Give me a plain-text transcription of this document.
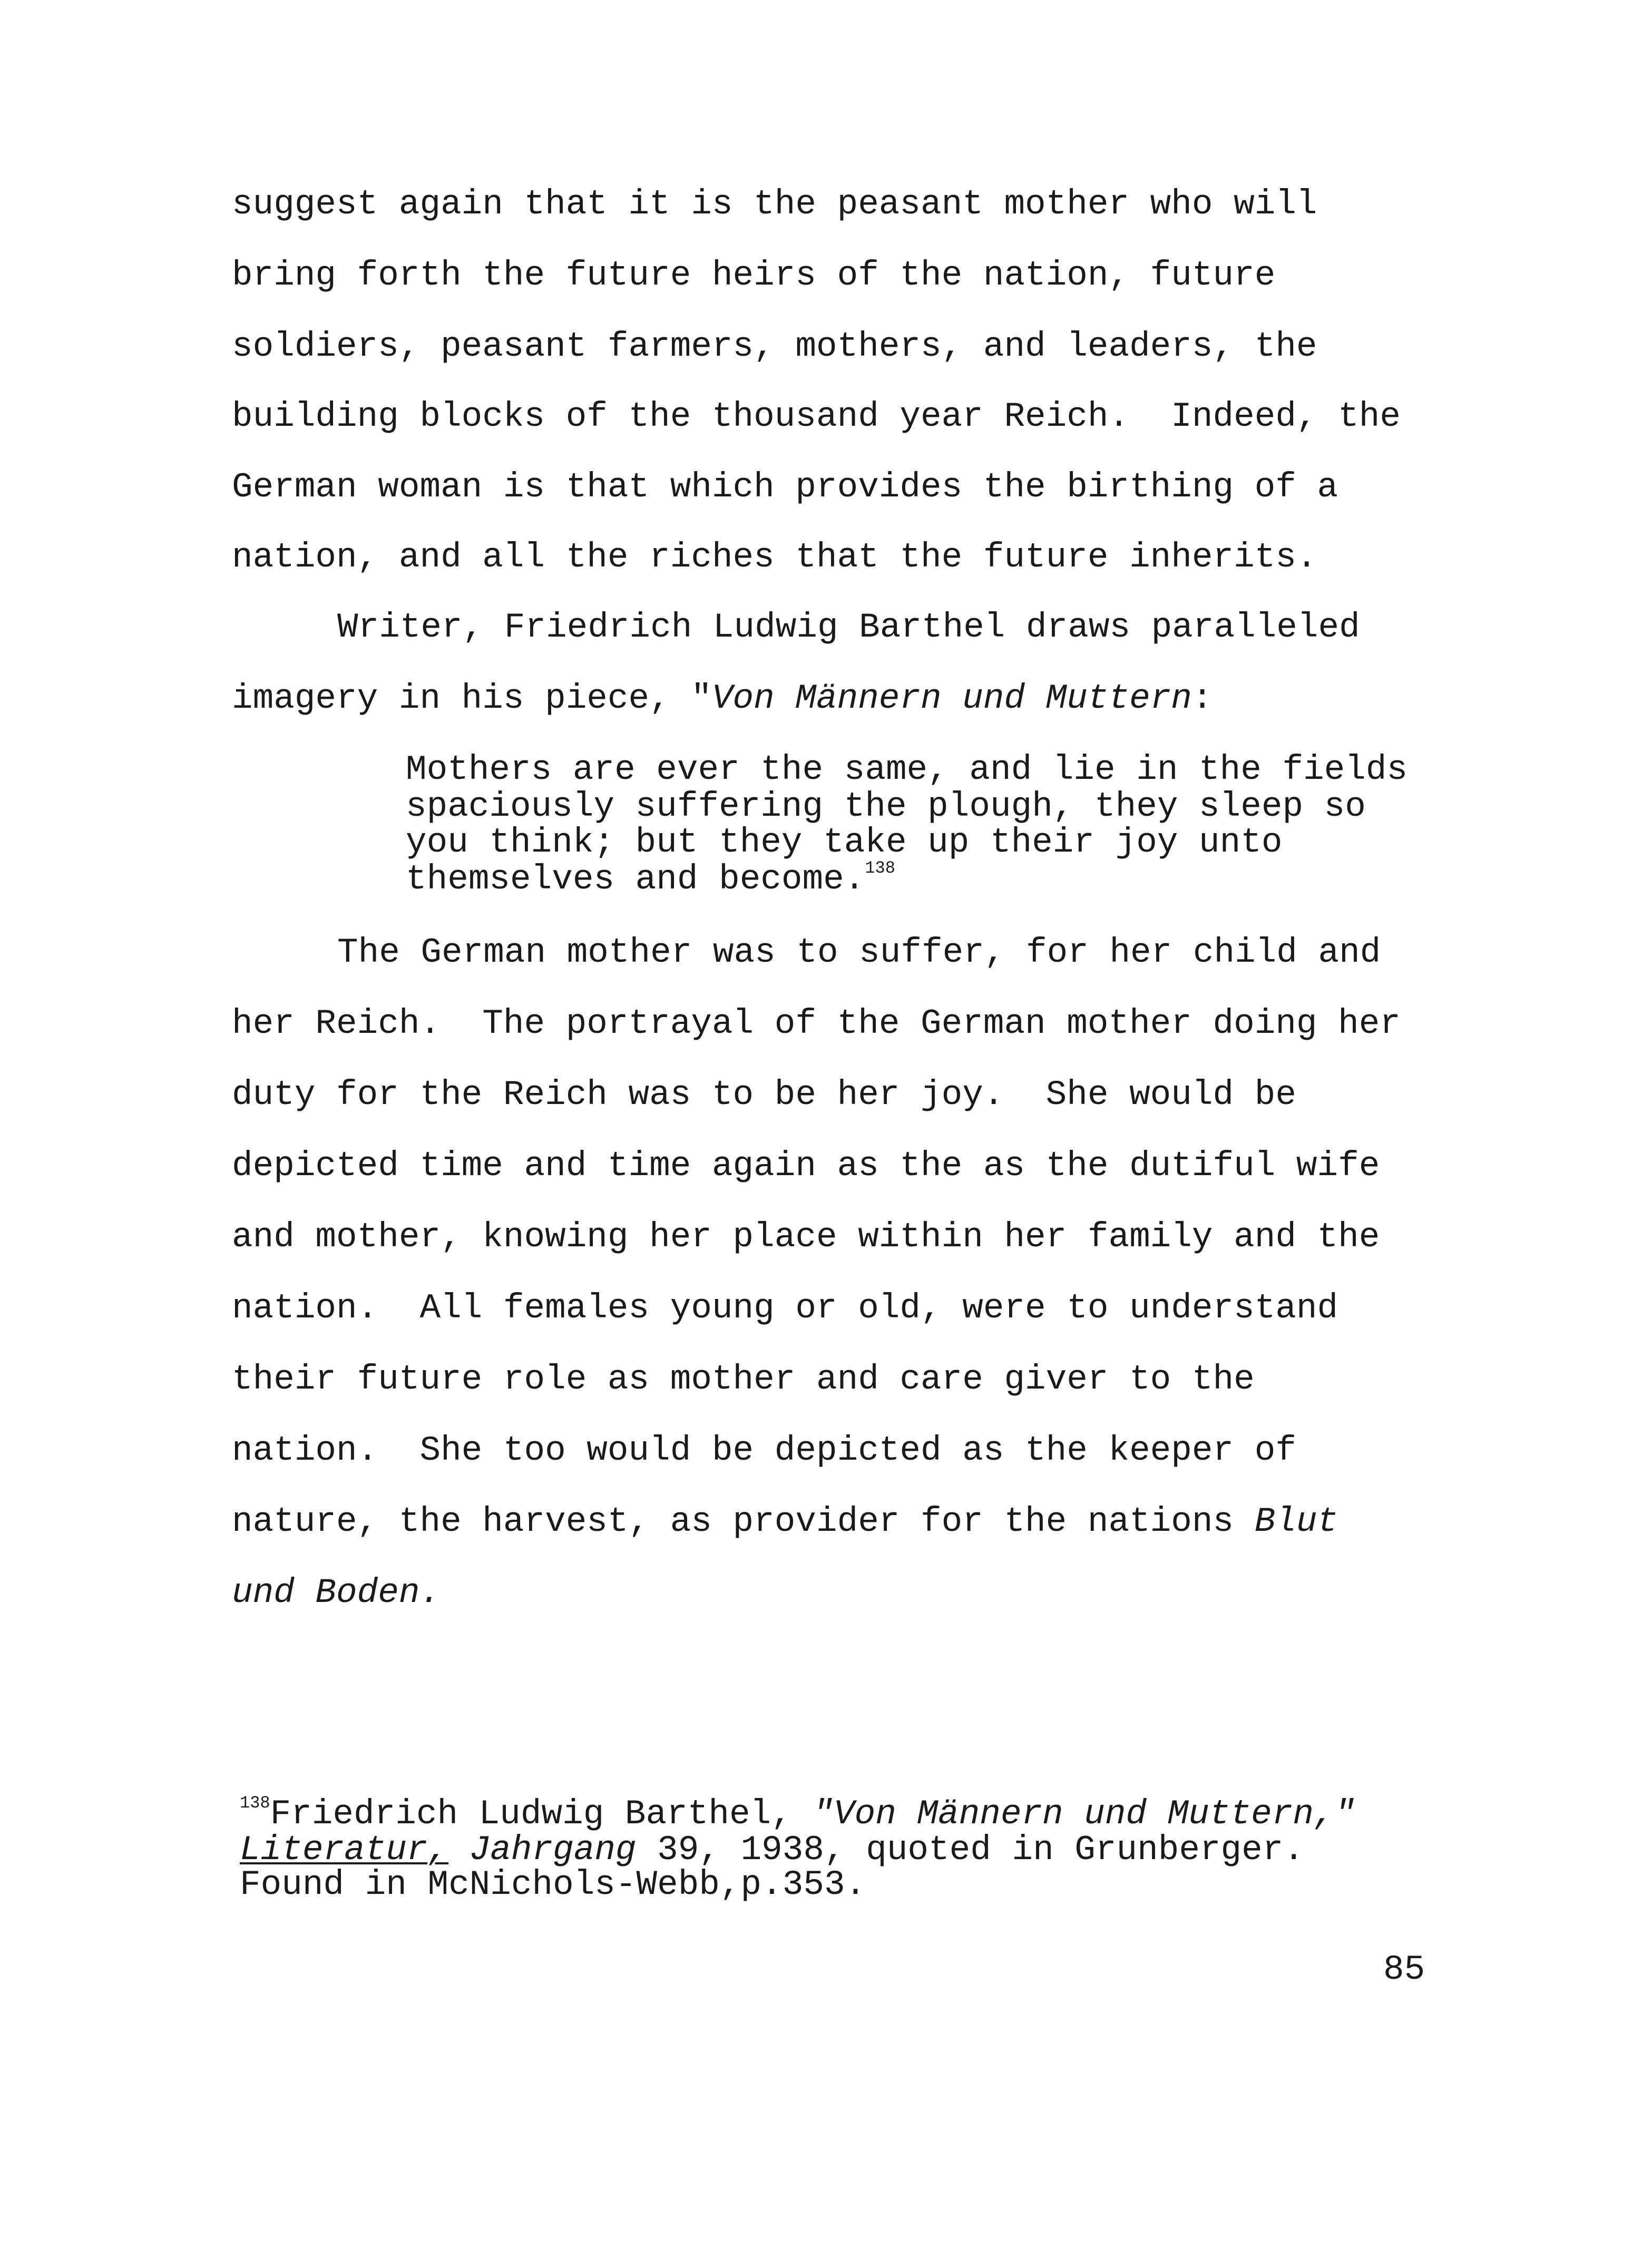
suggest again that it is the peasant mother who will
bring forth the future heirs of the nation, future
soldiers, peasant farmers, mothers, and leaders, the
building blocks of the thousand year Reich.  Indeed, the
German woman is that which provides the birthing of a
nation, and all the riches that the future inherits.
Writer, Friedrich Ludwig Barthel draws paralleled
imagery in his piece, "Von Männern und Muttern:
Mothers are ever the same, and lie in the fields
spaciously suffering the plough, they sleep so
you think; but they take up their joy unto
themselves and become.$^{138}$
The German mother was to suffer, for her child and
her Reich.  The portrayal of the German mother doing her
duty for the Reich was to be her joy.  She would be
depicted time and time again as the as the dutiful wife
and mother, knowing her place within her family and the
nation.  All females young or old, were to understand
their future role as mother and care giver to the
nation.  She too would be depicted as the keeper of
nature, the harvest, as provider for the nations Blut
und Boden.
$^{138}$Friedrich Ludwig Barthel, "Von Männern und Muttern,"
Literatur, Jahrgang 39, 1938, quoted in Grunberger.
Found in McNichols-Webb,p.353.
85
